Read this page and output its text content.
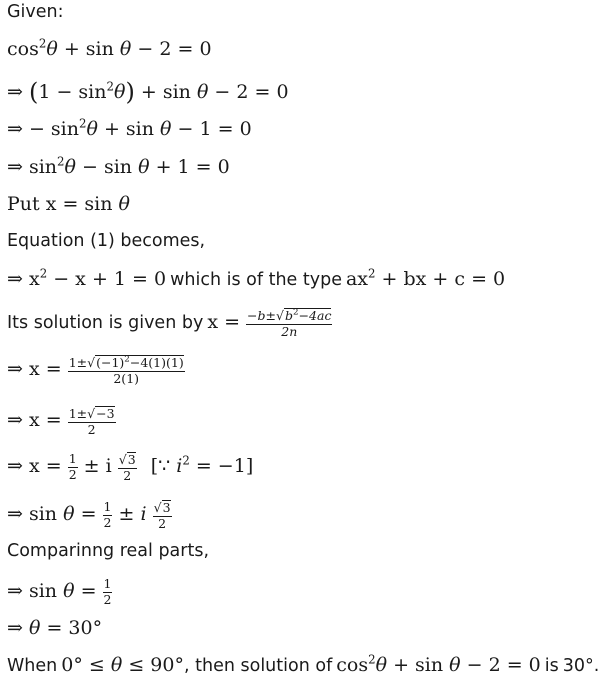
Given:
$\cos^2\theta + \sin \theta - 2 = 0$
⇒ $(1 - \sin^2\theta) + \sin \theta - 2 = 0$
⇒ − $\sin^2\theta + \sin \theta - 1 = 0$
⇒ $\sin^2\theta - \sin \theta + 1 = 0$
Put x = sin θ
Equation (1) becomes,
⇒ $x^2 - x + 1 = 0$ which is of the type $ax^2$ + bx + c = 0
Its solution is given by $x = \frac{-b\pm√b^2-4ac}{2n}$
⇒ $x = \frac{1\pm√(-1)^2-4(1)(1)}{2(1)}$
⇒ $x = \frac{1\pm√-3}{2}$
⇒ $x = \frac{1}{2} \pm i \frac{√3}{2}$ [∵ $i^2 = -1$]
⇒ $\sin \theta = \frac{1}{2} \pm i \frac{√3}{2}$
Comparinng real parts,
⇒ $\sin \theta = \frac{1}{2}$
⇒ θ = 30°
When 0° ≤ θ ≤ 90°, then solution of $\cos^2\theta + \sin \theta - 2 = 0$ is 30°.
